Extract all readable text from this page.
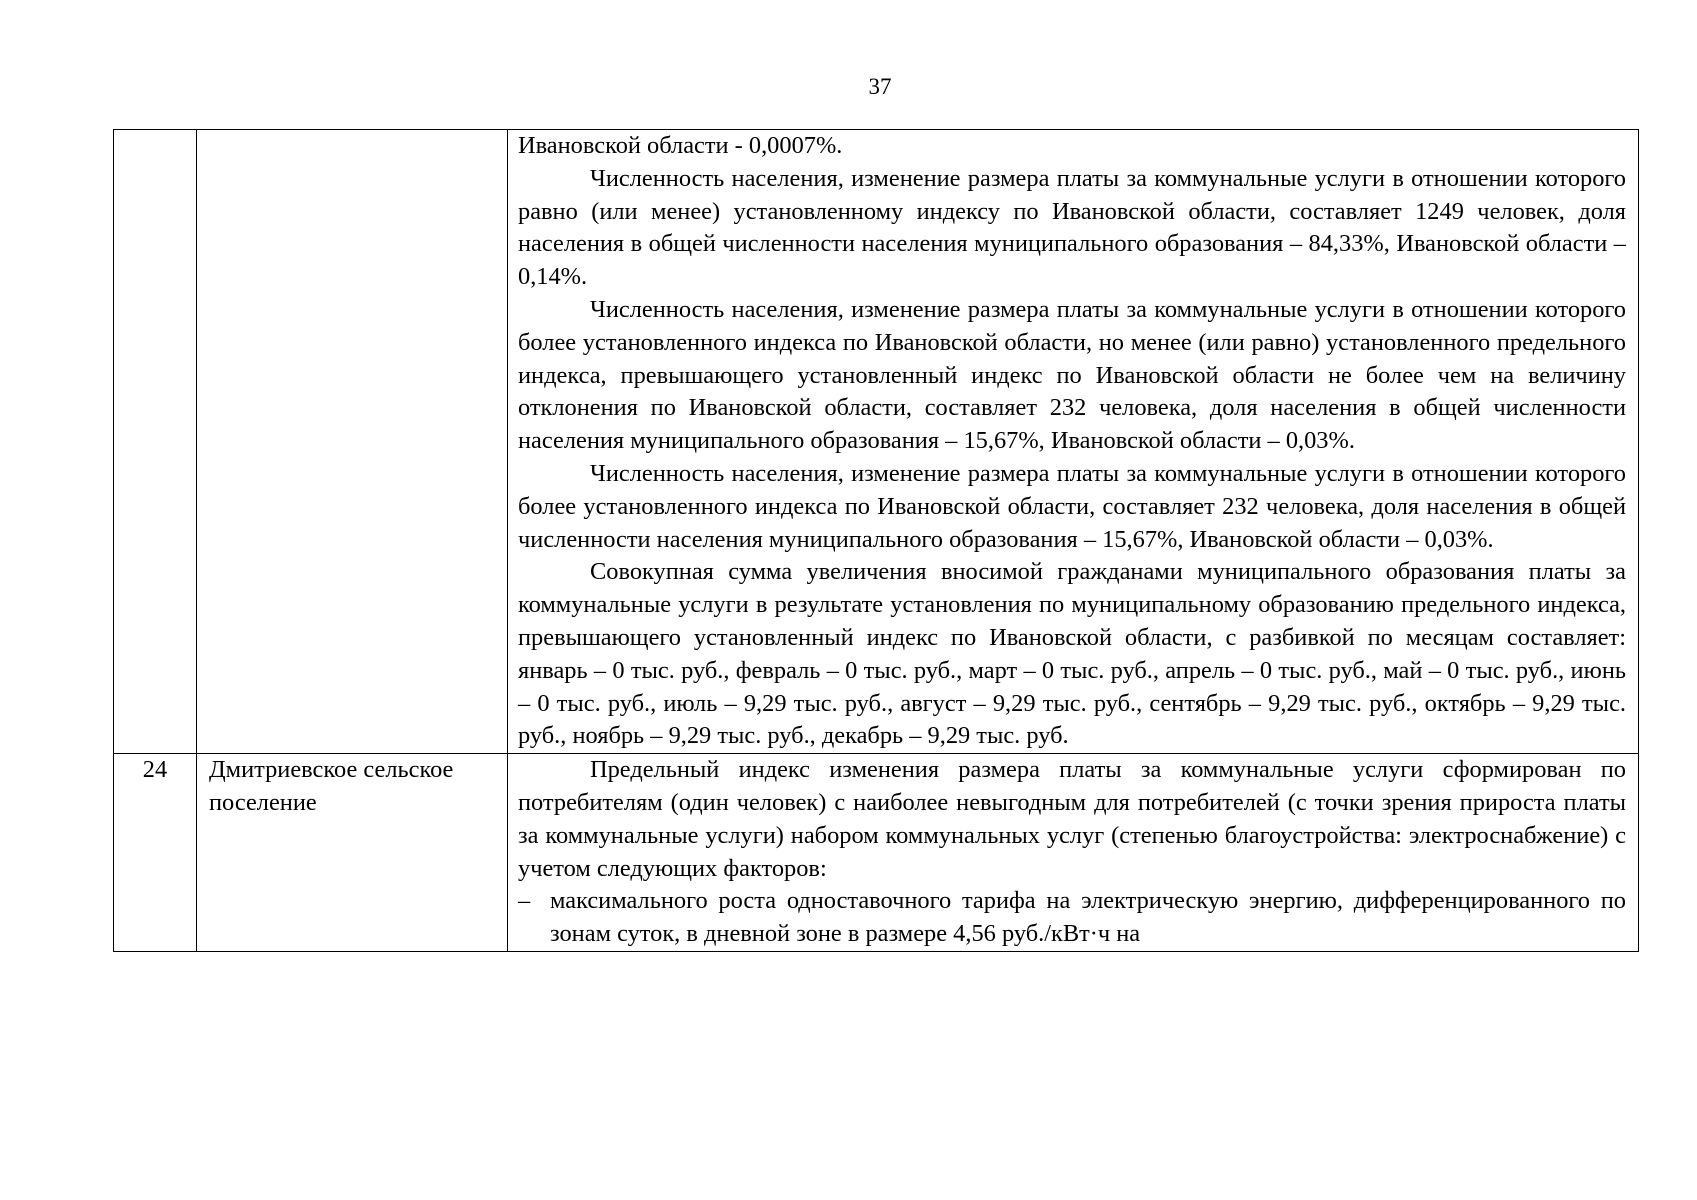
37

		Ивановской области - 0,0007%.
Численность населения, изменение размера платы за коммунальные услуги в отношении которого равно (или менее) установленному индексу по Ивановской области, составляет 1249 человек, доля населения в общей численности населения муниципального образования – 84,33%, Ивановской области – 0,14%.
Численность населения, изменение размера платы за коммунальные услуги в отношении которого более установленного индекса по Ивановской области, но менее (или равно) установленного предельного индекса, превышающего установленный индекс по Ивановской области не более чем на величину отклонения по Ивановской области, составляет 232 человека, доля населения в общей численности населения муниципального образования – 15,67%, Ивановской области – 0,03%.
Численность населения, изменение размера платы за коммунальные услуги в отношении которого более установленного индекса по Ивановской области, составляет 232 человека, доля населения в общей численности населения муниципального образования – 15,67%, Ивановской области – 0,03%.
Совокупная сумма увеличения вносимой гражданами муниципального образования платы за коммунальные услуги в результате установления по муниципальному образованию предельного индекса, превышающего установленный индекс по Ивановской области, с разбивкой по месяцам составляет: январь – 0 тыс. руб., февраль – 0 тыс. руб., март – 0 тыс. руб., апрель – 0 тыс. руб., май – 0 тыс. руб., июнь – 0 тыс. руб., июль – 9,29 тыс. руб., август – 9,29 тыс. руб., сентябрь – 9,29 тыс. руб., октябрь – 9,29 тыс. руб., ноябрь – 9,29 тыс. руб., декабрь – 9,29 тыс. руб.

24	Дмитриевское сельское поселение	Предельный индекс изменения размера платы за коммунальные услуги сформирован по потребителям (один человек) с наиболее невыгодным для потребителей (с точки зрения прироста платы за коммунальные услуги) набором коммунальных услуг (степенью благоустройства: электроснабжение) с учетом следующих факторов:
– максимального роста одноставочного тарифа на электрическую энергию, дифференцированного по зонам суток, в дневной зоне в размере 4,56 руб./кВт·ч на
